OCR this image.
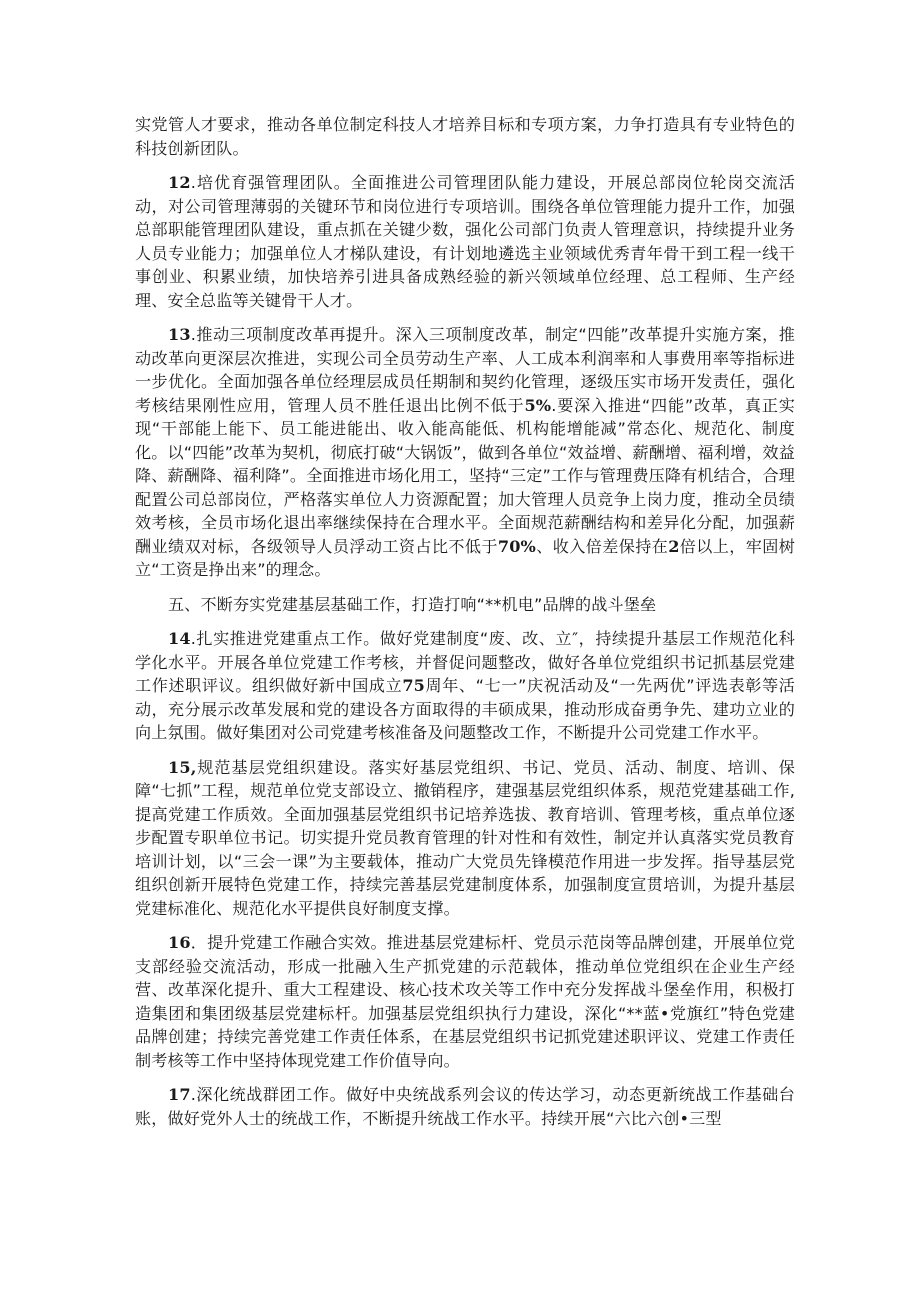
实党管人才要求，推动各单位制定科技人才培养目标和专项方案，力争打造具有专业特色的科技创新团队。

12.培优育强管理团队。全面推进公司管理团队能力建设，开展总部岗位轮岗交流活动，对公司管理薄弱的关键环节和岗位进行专项培训。围绕各单位管理能力提升工作，加强总部职能管理团队建设，重点抓在关键少数，强化公司部门负责人管理意识，持续提升业务人员专业能力；加强单位人才梯队建设，有计划地遴选主业领域优秀青年骨干到工程一线干事创业、积累业绩，加快培养引进具备成熟经验的新兴领域单位经理、总工程师、生产经理、安全总监等关键骨干人才。

13.推动三项制度改革再提升。深入三项制度改革，制定“四能”改革提升实施方案，推动改革向更深层次推进，实现公司全员劳动生产率、人工成本利润率和人事费用率等指标进一步优化。全面加强各单位经理层成员任期制和契约化管理，逐级压实市场开发责任，强化考核结果刚性应用，管理人员不胜任退出比例不低于5%.要深入推进“四能”改革，真正实现“干部能上能下、员工能进能出、收入能高能低、机构能增能减”常态化、规范化、制度化。以“四能”改革为契机，彻底打破“大锅饭”，做到各单位“效益增、薪酬增、福利增，效益降、薪酬降、福利降”。全面推进市场化用工，坚持“三定”工作与管理费压降有机结合，合理配置公司总部岗位，严格落实单位人力资源配置；加大管理人员竞争上岗力度，推动全员绩效考核，全员市场化退出率继续保持在合理水平。全面规范薪酬结构和差异化分配，加强薪酬业绩双对标，各级领导人员浮动工资占比不低于70%、收入倍差保持在2倍以上，牢固树立“工资是挣出来”的理念。

五、不断夯实党建基层基础工作，打造打响“**机电”品牌的战斗堡垒

14.扎实推进党建重点工作。做好党建制度“废、改、立″，持续提升基层工作规范化科学化水平。开展各单位党建工作考核，并督促问题整改，做好各单位党组织书记抓基层党建工作述职评议。组织做好新中国成立75周年、“七一”庆祝活动及“一先两优”评选表彰等活动，充分展示改革发展和党的建设各方面取得的丰硕成果，推动形成奋勇争先、建功立业的向上氛围。做好集团对公司党建考核准备及问题整改工作，不断提升公司党建工作水平。

15,规范基层党组织建设。落实好基层党组织、书记、党员、活动、制度、培训、保障“七抓”工程，规范单位党支部设立、撤销程序，建强基层党组织体系，规范党建基础工作,提高党建工作质效。全面加强基层党组织书记培养选拔、教育培训、管理考核，重点单位逐步配置专职单位书记。切实提升党员教育管理的针对性和有效性，制定并认真落实党员教育培训计划，以“三会一课”为主要载体，推动广大党员先锋模范作用进一步发挥。指导基层党组织创新开展特色党建工作，持续完善基层党建制度体系，加强制度宣贯培训，为提升基层党建标准化、规范化水平提供良好制度支撑。

16．提升党建工作融合实效。推进基层党建标杆、党员示范岗等品牌创建，开展单位党支部经验交流活动，形成一批融入生产抓党建的示范载体，推动单位党组织在企业生产经营、改革深化提升、重大工程建设、核心技术攻关等工作中充分发挥战斗堡垒作用，积极打造集团和集团级基层党建标杆。加强基层党组织执行力建设，深化“**蓝•党旗红”特色党建品牌创建；持续完善党建工作责任体系，在基层党组织书记抓党建述职评议、党建工作责任制考核等工作中坚持体现党建工作价值导向。

17.深化统战群团工作。做好中央统战系列会议的传达学习，动态更新统战工作基础台账，做好党外人士的统战工作，不断提升统战工作水平。持续开展“六比六创•三型
